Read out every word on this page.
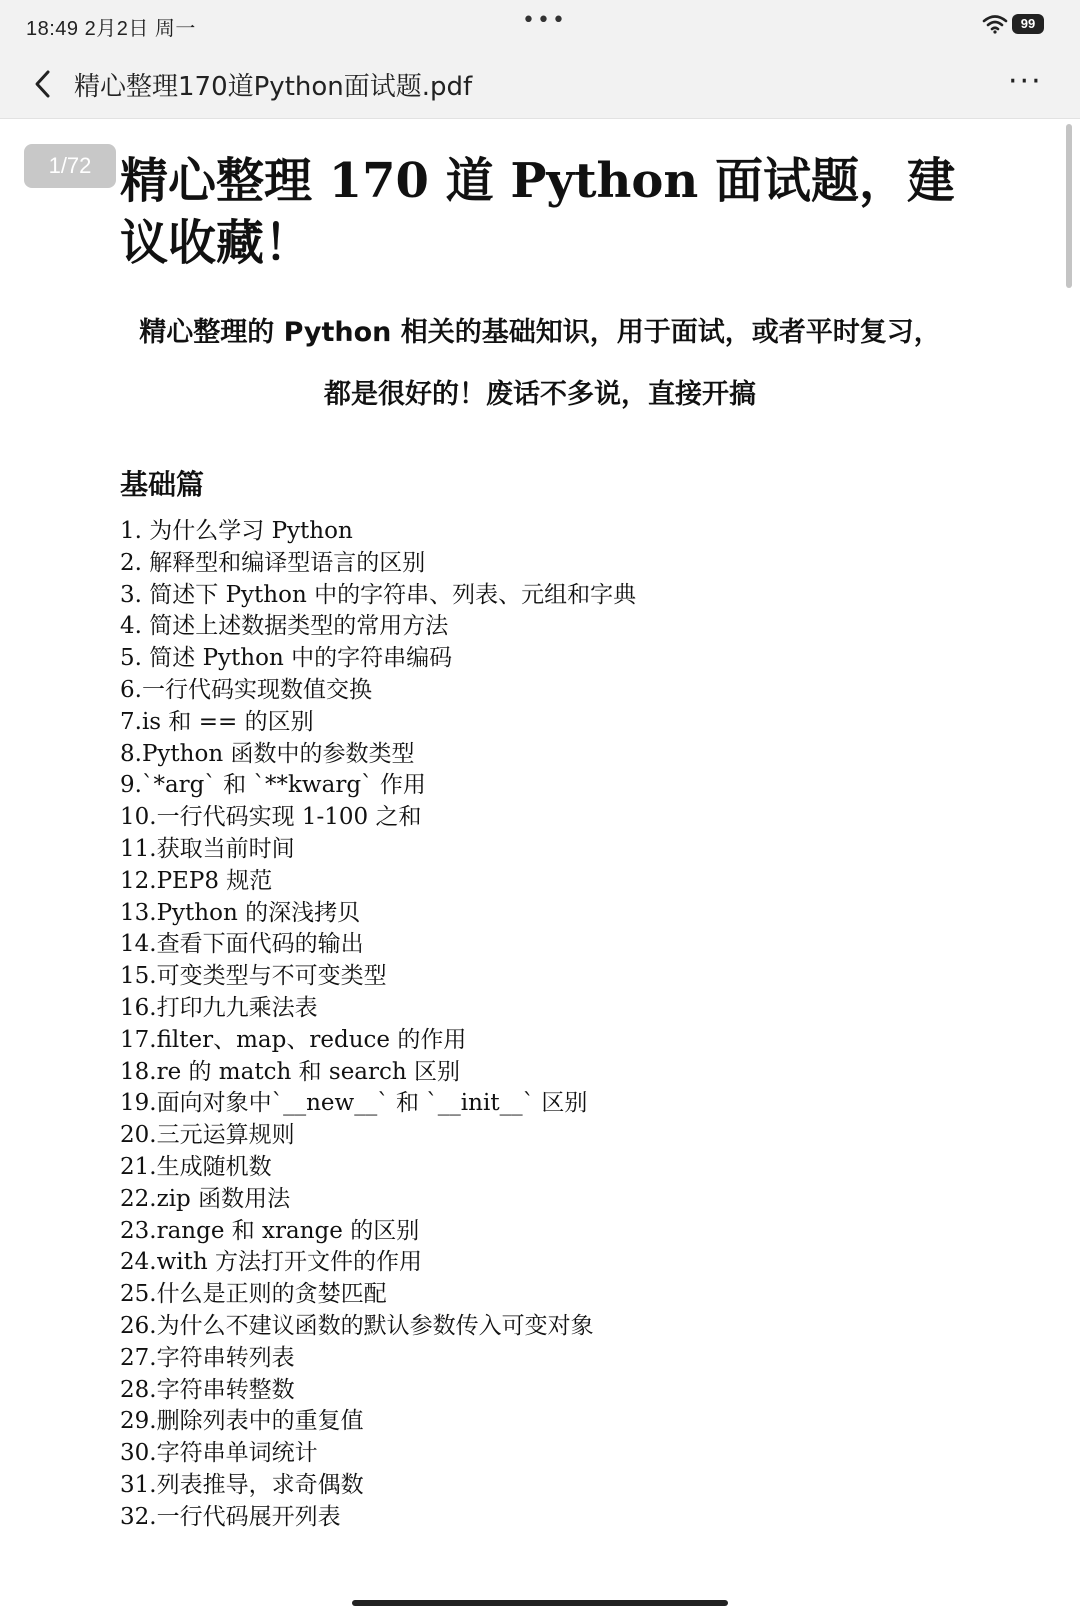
18:49 2月2日 周一	•••	99
精心整理170道Python面试题.pdf	···
精心整理 170 道 Python 面试题，建议收藏！
精心整理的 Python 相关的基础知识，用于面试，或者平时复习，
都是很好的！废话不多说，直接开搞
基础篇
1. 为什么学习 Python
2. 解释型和编译型语言的区别
3. 简述下 Python 中的字符串、列表、元组和字典
4. 简述上述数据类型的常用方法
5. 简述 Python 中的字符串编码
6.一行代码实现数值交换
7.is 和 == 的区别
8.Python 函数中的参数类型
9.`*arg` 和 `**kwarg` 作用
10.一行代码实现 1-100 之和
11.获取当前时间
12.PEP8 规范
13.Python 的深浅拷贝
14.查看下面代码的输出
15.可变类型与不可变类型
16.打印九九乘法表
17.filter、map、reduce 的作用
18.re 的 match 和 search 区别
19.面向对象中`__new__` 和 `__init__` 区别
20.三元运算规则
21.生成随机数
22.zip 函数用法
23.range 和 xrange 的区别
24.with 方法打开文件的作用
25.什么是正则的贪婪匹配
26.为什么不建议函数的默认参数传入可变对象
27.字符串转列表
28.字符串转整数
29.删除列表中的重复值
30.字符串单词统计
31.列表推导，求奇偶数
32.一行代码展开列表
1/72
